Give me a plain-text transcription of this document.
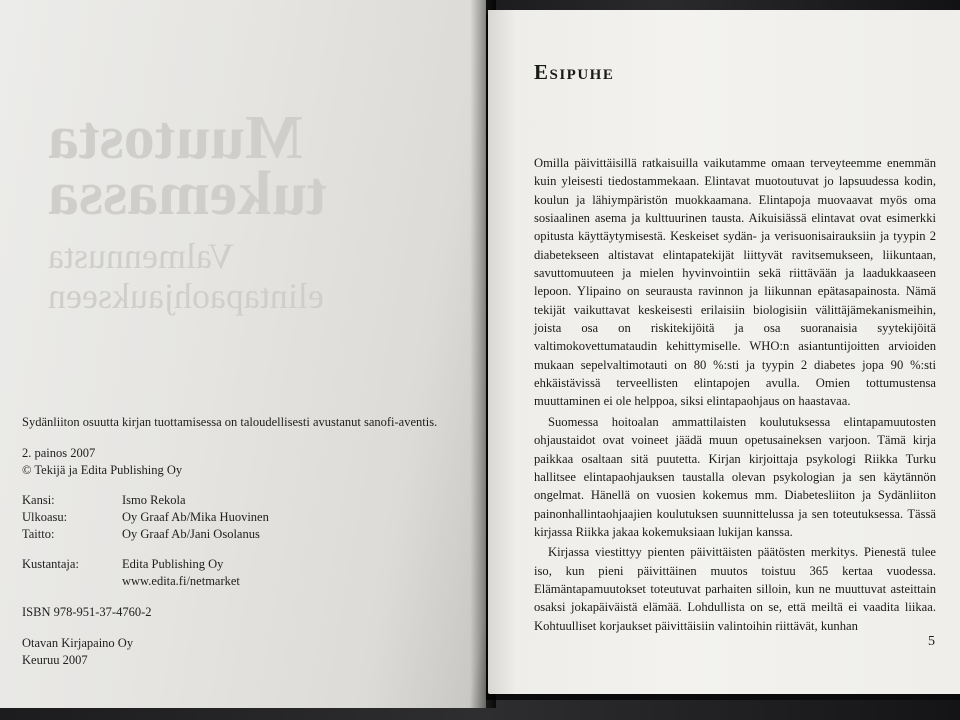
Muutosta
tukemassa
Valmennusta
elintapaohjaukseen

Sydänliiton osuutta kirjan tuottamisessa on taloudellisesti avustanut sanofi-aventis.

2. painos 2007

© Tekijä ja Edita Publishing Oy

Kansi:	Ismo Rekola
Ulkoasu:	Oy Graaf Ab/Mika Huovinen
Taitto:	Oy Graaf Ab/Jani Osolanus
Kustantaja:	Edita Publishing Oy
www.edita.fi/netmarket

ISBN 978-951-37-4760-2

Otavan Kirjapaino Oy

Keuruu 2007

Esipuhe

Omilla päivittäisillä ratkaisuilla vaikutamme omaan terveyteemme enemmän kuin yleisesti tiedostammekaan. Elintavat muotoutuvat jo lapsuudessa kodin, koulun ja lähiympäristön muokkaamana. Elintapoja muovaavat myös oma sosiaalinen asema ja kulttuurinen tausta. Aikuisiässä elintavat ovat esimerkki opitusta käyttäytymisestä. Keskeiset sydän- ja verisuonisairauksiin ja tyypin 2 diabetekseen altistavat elintapatekijät liittyvät ravitsemukseen, liikuntaan, savuttomuuteen ja mielen hyvinvointiin sekä riittävään ja laadukkaaseen lepoon. Ylipaino on seurausta ravinnon ja liikunnan epätasapainosta. Nämä tekijät vaikuttavat keskeisesti erilaisiin biologisiin välittäjämekanismeihin, joista osa on riskitekijöitä ja osa suoranaisia syytekijöitä valtimokovettumataudin kehittymiselle. WHO:n asiantuntijoitten arvioiden mukaan sepelvaltimotauti on 80 %:sti ja tyypin 2 diabetes jopa 90 %:sti ehkäistävissä terveellisten elintapojen avulla. Omien tottumustensa muuttaminen ei ole helppoa, siksi elintapaohjaus on haastavaa.

Suomessa hoitoalan ammattilaisten koulutuksessa elintapamuutosten ohjaustaidot ovat voineet jäädä muun opetusaineksen varjoon. Tämä kirja paikkaa osaltaan sitä puutetta. Kirjan kirjoittaja psykologi Riikka Turku hallitsee elintapaohjauksen taustalla olevan psykologian ja sen käytännön ongelmat. Hänellä on vuosien kokemus mm. Diabetesliiton ja Sydänliiton painonhallintaohjaajien koulutuksen suunnittelussa ja sen toteutuksessa. Tässä kirjassa Riikka jakaa kokemuksiaan lukijan kanssa.

Kirjassa viestittyy pienten päivittäisten päätösten merkitys. Pienestä tulee iso, kun pieni päivittäinen muutos toistuu 365 kertaa vuodessa. Elämäntapamuutokset toteutuvat parhaiten silloin, kun ne muuttuvat asteittain osaksi jokapäiväistä elämää. Lohdullista on se, että meiltä ei vaadita liikaa. Kohtuulliset korjaukset päivittäisiin valintoihin riittävät, kunhan

5
